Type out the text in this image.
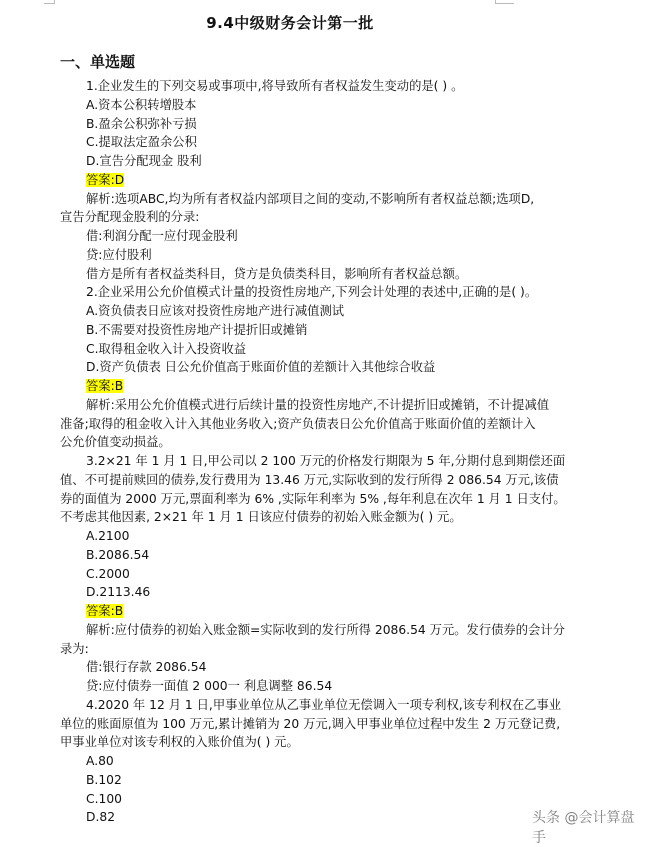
9.4中级财务会计第一批
一、单选题
1.企业发生的下列交易或事项中,将导致所有者权益发生变动的是( ) 。
A.资本公积转增股本
B.盈余公积弥补亏损
C.提取法定盈余公积
D.宣告分配现金 股利
答案:D
解析:选项ABC,均为所有者权益内部项目之间的变动,不影响所有者权益总额;选项D,
宣告分配现金股利的分录:
借:利润分配一应付现金股利
贷:应付股利
借方是所有者权益类科目，贷方是负债类科目，影响所有者权益总额。
2.企业采用公允价值模式计量的投资性房地产,下列会计处理的表述中,正确的是( )。
A.资负债表日应该对投资性房地产进行减值测试
B.不需要对投资性房地产计提折旧或摊销
C.取得租金收入计入投资收益
D.资产负债表 日公允价值高于账面价值的差额计入其他综合收益
答案:B
解析:采用公允价值模式进行后续计量的投资性房地产,不计提折旧或摊销，不计提减值
准备;取得的租金收入计入其他业务收入;资产负债表日公允价值高于账面价值的差额计入
公允价值变动损益。
3.2×21 年 1 月 1 日,甲公司以 2 100 万元的价格发行期限为 5 年,分期付息到期偿还面
值、不可提前赎回的债券,发行费用为 13.46 万元,实际收到的发行所得 2 086.54 万元,该债
券的面值为 2000 万元,票面利率为 6% ,实际年利率为 5% ,每年利息在次年 1 月 1 日支付。
不考虑其他因素, 2×21 年 1 月 1 日该应付债券的初始入账金额为( ) 元。
A.2100
B.2086.54
C.2000
D.2113.46
答案:B
解析:应付债券的初始入账金额=实际收到的发行所得 2086.54 万元。发行债券的会计分
录为:
借:银行存款 2086.54
贷:应付债券一面值 2 000一 利息调整 86.54
4.2020 年 12 月 1 日,甲事业单位从乙事业单位无偿调入一项专利权,该专利权在乙事业
单位的账面原值为 100 万元,累计摊销为 20 万元,调入甲事业单位过程中发生 2 万元登记费,
甲事业单位对该专利权的入账价值为( ) 元。
A.80
B.102
C.100
D.82	头条 @会计算盘手
